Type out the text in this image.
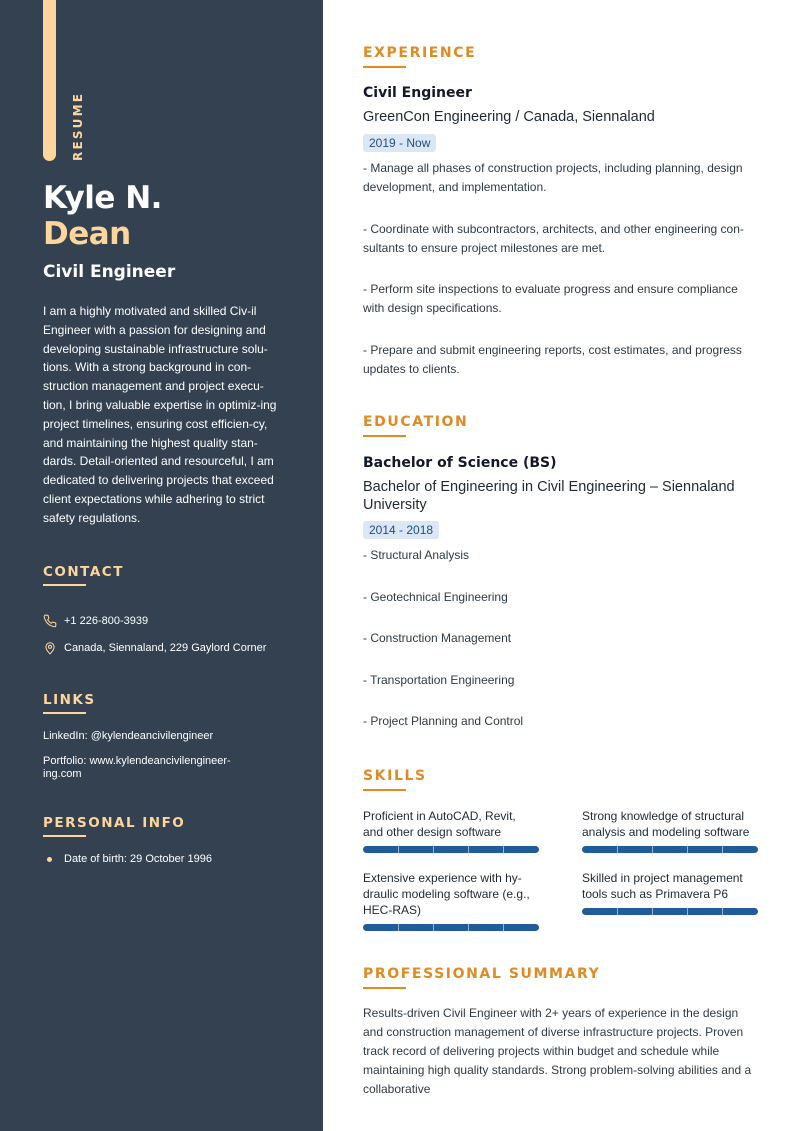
RESUME
Kyle N.
Dean
Civil Engineer
I am a highly motivated and skilled Civ-il Engineer with a passion for designing and developing sustainable infrastructure solu-tions. With a strong background in con-struction management and project execu-tion, I bring valuable expertise in optimiz-ing project timelines, ensuring cost efficien-cy, and maintaining the highest quality stan-dards. Detail-oriented and resourceful, I am dedicated to delivering projects that exceed client expectations while adhering to strict safety regulations.
CONTACT
+1 226-800-3939
Canada, Siennaland, 229 Gaylord Corner
LINKS
LinkedIn: @kylendeancivilengineer
Portfolio: www.kylendeancivilengineer-
ing.com
PERSONAL INFO
Date of birth: 29 October 1996
EXPERIENCE
Civil Engineer
GreenCon Engineering / Canada, Siennaland
2019 - Now
- Manage all phases of construction projects, including planning, design development, and implementation.
- Coordinate with subcontractors, architects, and other engineering con-sultants to ensure project milestones are met.
- Perform site inspections to evaluate progress and ensure compliance with design specifications.
- Prepare and submit engineering reports, cost estimates, and progress updates to clients.
EDUCATION
Bachelor of Science (BS)
Bachelor of Engineering in Civil Engineering – Siennaland University
2014 - 2018
- Structural Analysis
- Geotechnical Engineering
- Construction Management
- Transportation Engineering
- Project Planning and Control
SKILLS
Proficient in AutoCAD, Revit, and other design software
Strong knowledge of structural analysis and modeling software
Extensive experience with hy-draulic modeling software (e.g., HEC-RAS)
Skilled in project management tools such as Primavera P6
PROFESSIONAL SUMMARY
Results-driven Civil Engineer with 2+ years of experience in the design and construction management of diverse infrastructure projects. Proven track record of delivering projects within budget and schedule while maintaining high quality standards. Strong problem-solving abilities and a collaborative
